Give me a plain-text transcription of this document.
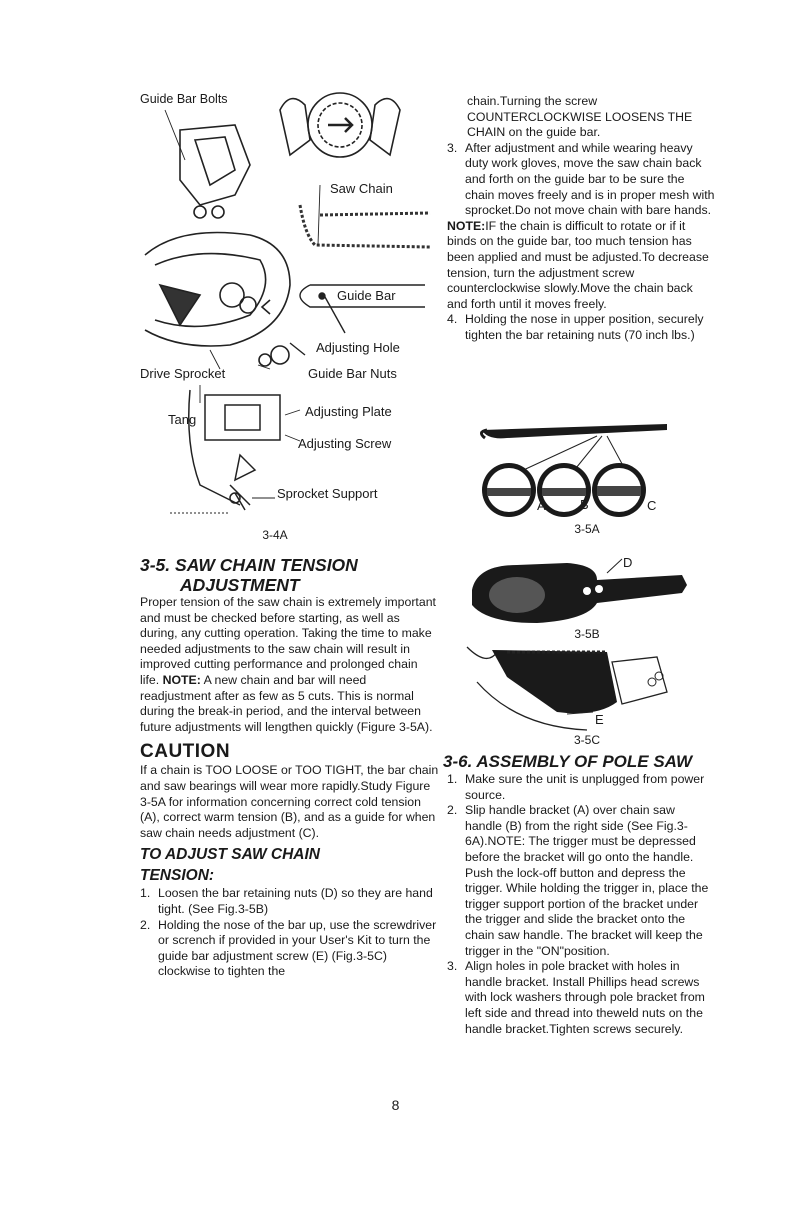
Guide Bar Bolts
Saw Chain
Guide Bar
Adjusting Hole
Drive Sprocket	Guide Bar Nuts
Tang
Adjusting Plate
Adjusting Screw
Sprocket Support
3-4A
3-5. SAW CHAIN TENSION
ADJUSTMENT

Proper tension of the saw chain is extremely important and must be checked before starting, as well as during, any cutting operation. Taking the time to make needed adjustments to the saw chain will result in improved cutting performance and prolonged chain life. NOTE: A new chain and bar will need readjustment after as few as 5 cuts. This is normal during the break-in period, and the interval between future adjustments will lengthen quickly (Figure 3-5A).

CAUTION

If a chain is TOO LOOSE or TOO TIGHT, the bar chain and saw bearings will wear more rapidly.Study Figure 3-5A for information concerning correct cold tension (A), correct warm tension (B), and as a guide for when saw chain needs adjustment (C).

TO ADJUST SAW CHAIN
TENSION:

1. Loosen the bar retaining nuts (D) so they are hand tight. (See Fig.3-5B)
2. Holding the nose of the bar up, use the screwdriver or scrench if provided in your User's Kit to turn the guide bar adjustment screw (E) (Fig.3-5C) clockwise to tighten the

chain.Turning the screw COUNTERCLOCKWISE LOOSENS THE CHAIN on the guide bar.

3. After adjustment and while wearing heavy duty work gloves, move the saw chain back and forth on the guide bar to be sure the chain moves freely and is in proper mesh with sprocket.Do not move chain with bare hands.

NOTE:IF the chain is difficult to rotate or if it binds on the guide bar, too much tension has been applied and must be adjusted.To decrease tension, turn the adjustment screw counterclockwise slowly.Move the chain back and forth until it moves freely.

4. Holding the nose in upper position, securely tighten the bar retaining nuts (70 inch lbs.)
A	B	C
3-5A
D
3-5B
E
3-5C
3-6. ASSEMBLY OF POLE SAW
1. Make sure the unit is unplugged from power source.
2. Slip handle bracket (A) over chain saw handle (B) from the right side (See Fig.3-6A).NOTE: The trigger must be depressed before the bracket will go onto the handle. Push the lock-off button and depress the trigger. While holding the trigger in, place the trigger support portion of the bracket under the trigger and slide the bracket onto the chain saw handle. The bracket will keep the trigger in the "ON"position.
3. Align holes in pole bracket with holes in handle bracket. Install Phillips head screws with lock washers through pole bracket from left side and thread into theweld nuts on the handle bracket.Tighten screws securely.
8
